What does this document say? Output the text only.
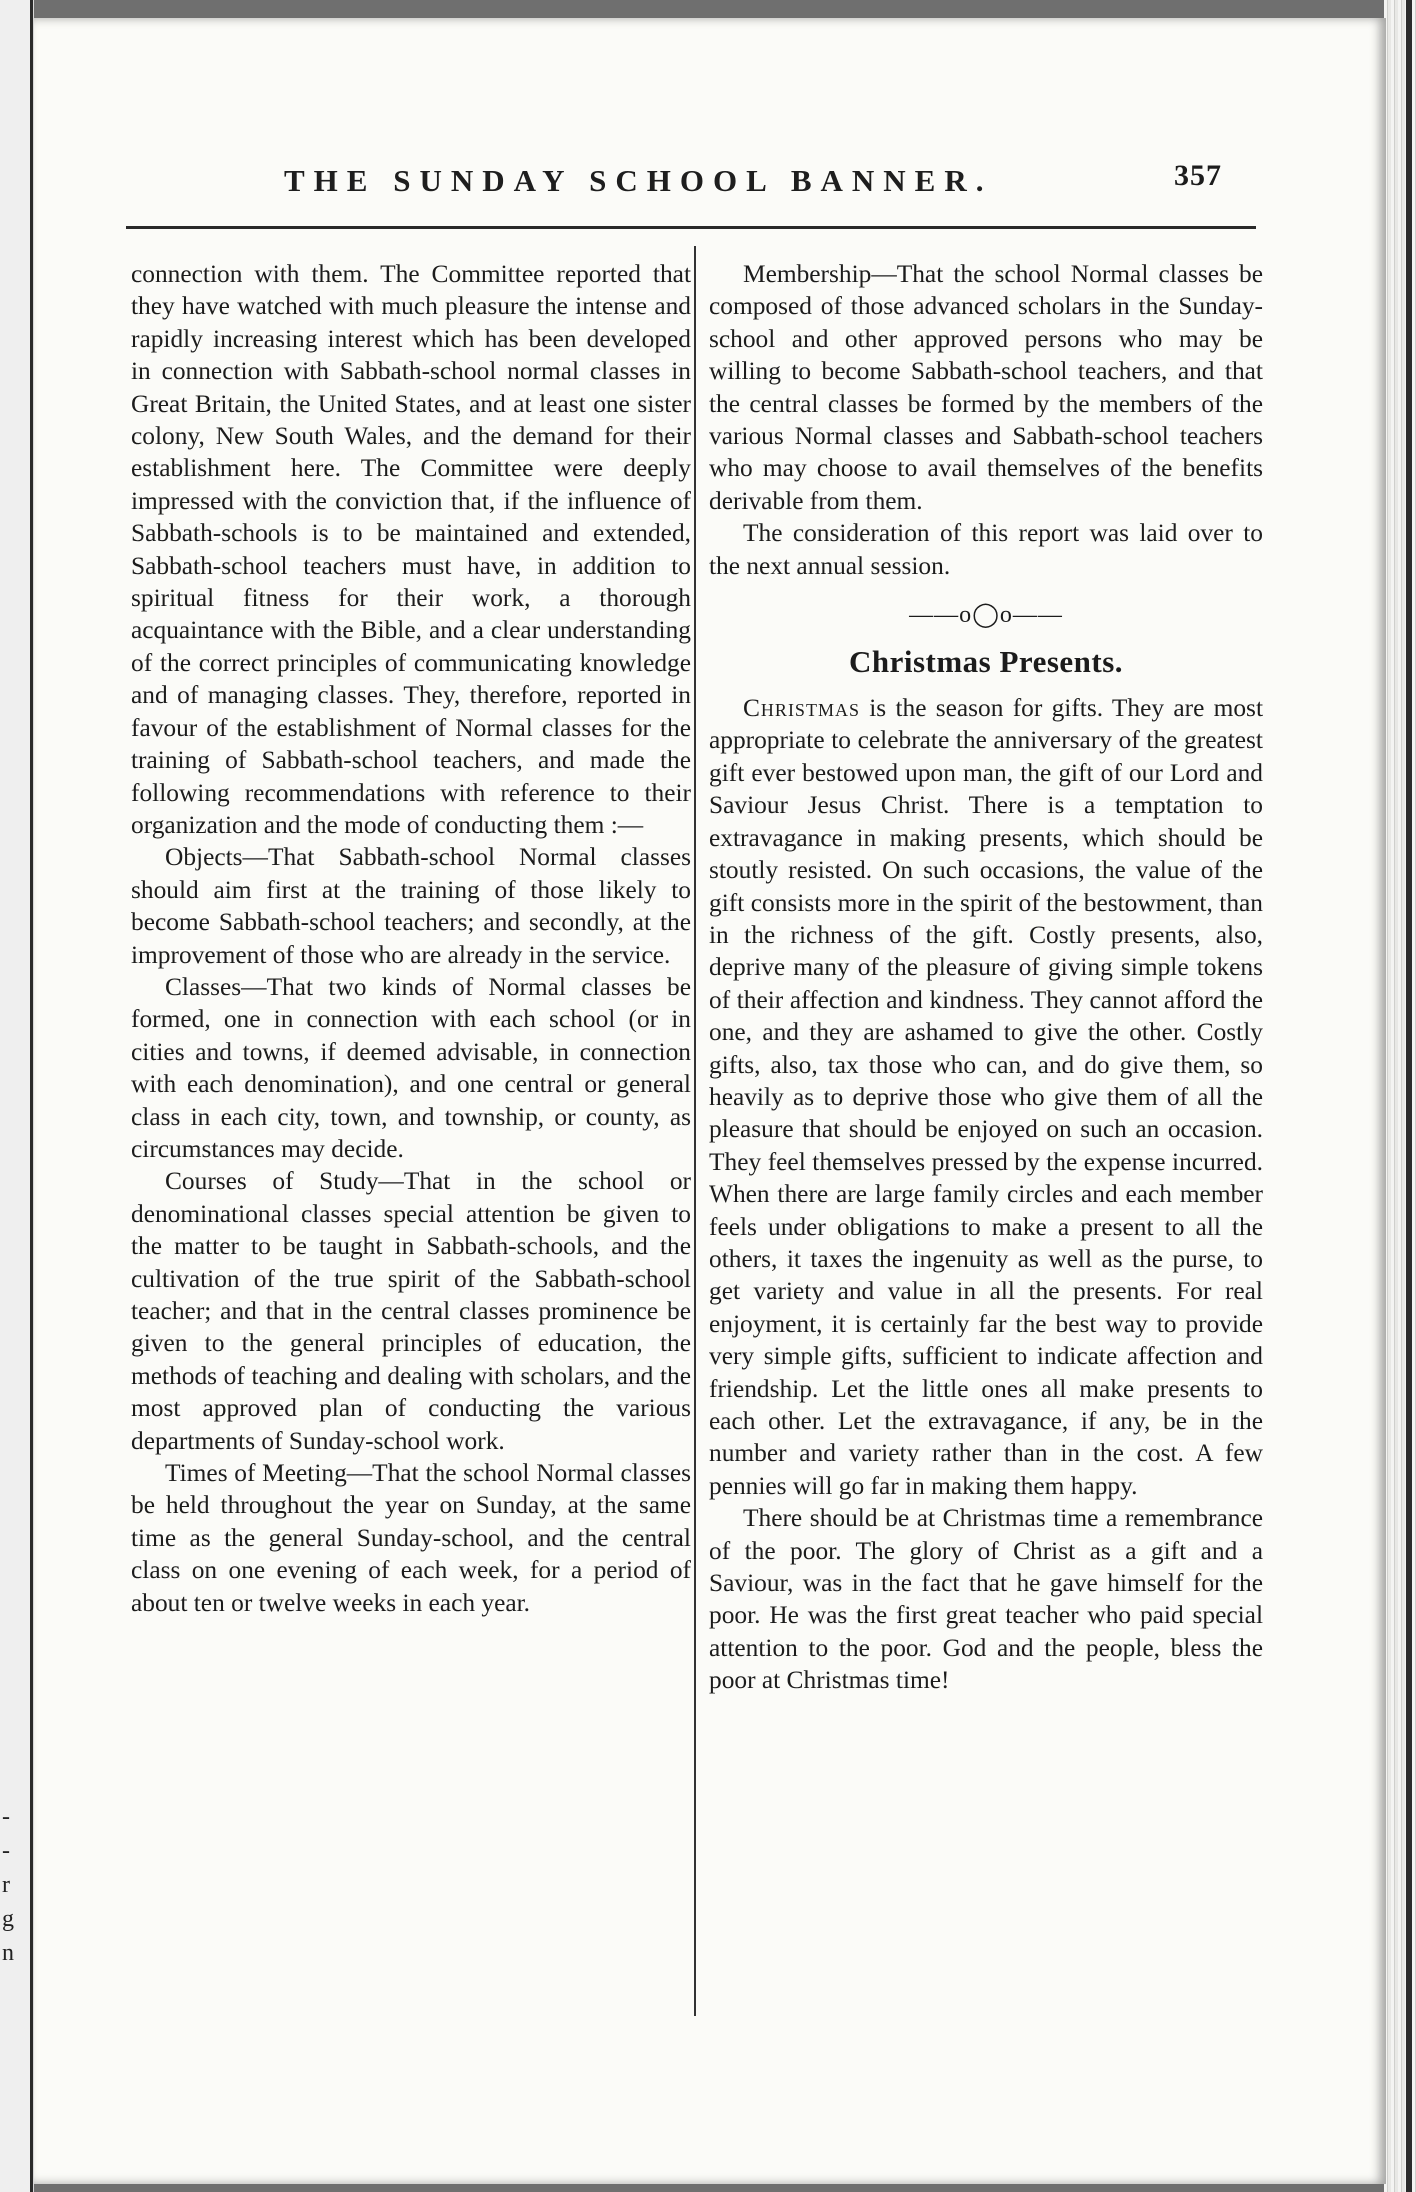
-
-
r
g
n
THE SUNDAY SCHOOL BANNER.	357

connection with them. The Committee reported that they have watched with much pleasure the intense and rapidly increasing interest which has been developed in connection with Sabbath-school normal classes in Great Britain, the United States, and at least one sister colony, New South Wales, and the demand for their establishment here. The Committee were deeply impressed with the conviction that, if the influence of Sabbath-schools is to be maintained and extended, Sabbath-school teachers must have, in addition to spiritual fitness for their work, a thorough acquaintance with the Bible, and a clear understanding of the correct principles of communicating knowledge and of managing classes. They, therefore, reported in favour of the establishment of Normal classes for the training of Sabbath-school teachers, and made the following recommendations with reference to their organization and the mode of conducting them :—

Objects—That Sabbath-school Normal classes should aim first at the training of those likely to become Sabbath-school teachers; and secondly, at the improvement of those who are already in the service.

Classes—That two kinds of Normal classes be formed, one in connection with each school (or in cities and towns, if deemed advisable, in connection with each denomination), and one central or general class in each city, town, and township, or county, as circumstances may decide.

Courses of Study—That in the school or denominational classes special attention be given to the matter to be taught in Sabbath-schools, and the cultivation of the true spirit of the Sabbath-school teacher; and that in the central classes prominence be given to the general principles of education, the methods of teaching and dealing with scholars, and the most approved plan of conducting the various departments of Sunday-school work.

Times of Meeting—That the school Normal classes be held throughout the year on Sunday, at the same time as the general Sunday-school, and the central class on one evening of each week, for a period of about ten or twelve weeks in each year.

Membership—That the school Normal classes be composed of those advanced scholars in the Sunday-school and other approved persons who may be willing to become Sabbath-school teachers, and that the central classes be formed by the members of the various Normal classes and Sabbath-school teachers who may choose to avail themselves of the benefits derivable from them.

The consideration of this report was laid over to the next annual session.

——o◯o——
Christmas Presents.

Christmas is the season for gifts. They are most appropriate to celebrate the anniversary of the greatest gift ever bestowed upon man, the gift of our Lord and Saviour Jesus Christ. There is a temptation to extravagance in making presents, which should be stoutly resisted. On such occasions, the value of the gift consists more in the spirit of the bestowment, than in the richness of the gift. Costly presents, also, deprive many of the pleasure of giving simple tokens of their affection and kindness. They cannot afford the one, and they are ashamed to give the other. Costly gifts, also, tax those who can, and do give them, so heavily as to deprive those who give them of all the pleasure that should be enjoyed on such an occasion. They feel themselves pressed by the expense incurred. When there are large family circles and each member feels under obligations to make a present to all the others, it taxes the ingenuity as well as the purse, to get variety and value in all the presents. For real enjoyment, it is certainly far the best way to provide very simple gifts, sufficient to indicate affection and friendship. Let the little ones all make presents to each other. Let the extravagance, if any, be in the number and variety rather than in the cost. A few pennies will go far in making them happy.

There should be at Christmas time a remembrance of the poor. The glory of Christ as a gift and a Saviour, was in the fact that he gave himself for the poor. He was the first great teacher who paid special attention to the poor. God and the people, bless the poor at Christmas time!
